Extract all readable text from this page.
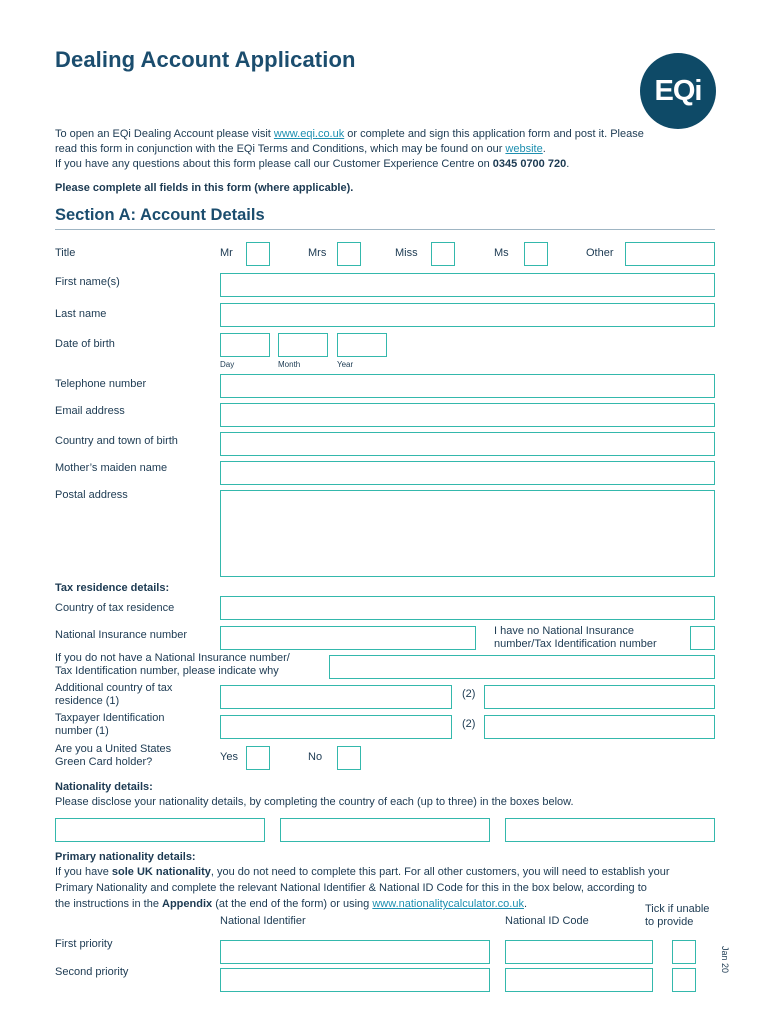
Dealing Account Application
EQi
To open an EQi Dealing Account please visit www.eqi.co.uk or complete and sign this application form and post it. Please
read this form in conjunction with the EQi Terms and Conditions, which may be found on our website.
If you have any questions about this form please call our Customer Experience Centre on 0345 0700 720.
Please complete all fields in this form (where applicable).
Section A: Account Details
Title	Mr	Mrs	Miss	Ms	Other
First name(s)
Last name
Date of birth
Day	Month	Year
Telephone number
Email address
Country and town of birth
Mother’s maiden name
Postal address
Tax residence details:
Country of tax residence
National Insurance number	I have no National Insurance
number/Tax Identification number
If you do not have a National Insurance number/
Tax Identification number, please indicate why
Additional country of tax
residence (1)
(2)
Taxpayer Identification
number (1)
(2)
Are you a United States
Green Card holder?	Yes	No
Nationality details:
Please disclose your nationality details, by completing the country of each (up to three) in the boxes below.
Primary nationality details:
If you have sole UK nationality, you do not need to complete this part. For all other customers, you will need to establish your
Primary Nationality and complete the relevant National Identifier & National ID Code for this in the box below, according to
the instructions in the Appendix (at the end of the form) or using www.nationalitycalculator.co.uk.	Tick if unable
to provide
National Identifier	National ID Code
First priority
Second priority	Jan 20
